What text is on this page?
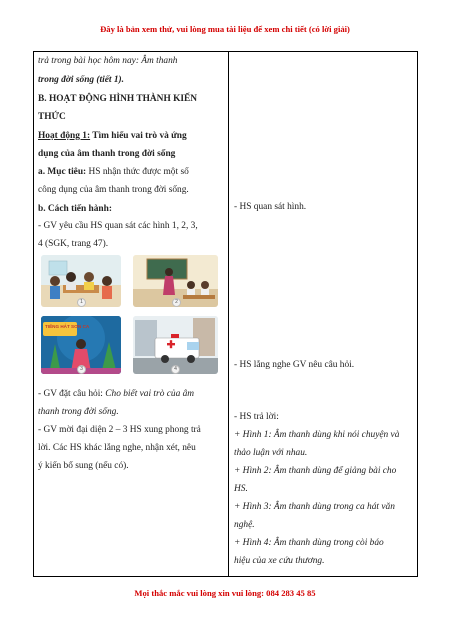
Đây là bản xem thử, vui lòng mua tài liệu để xem chi tiết (có lời giải)
trả trong bài học hôm nay: Âm thanh
trong đời sống (tiết 1).
B. HOẠT ĐỘNG HÌNH THÀNH KIẾN
THỨC
Hoạt động 1: Tìm hiểu vai trò và ứng
dụng của âm thanh trong đời sống
a. Mục tiêu: HS nhận thức được một số
công dụng của âm thanh trong đời sống.
b. Cách tiến hành:
- GV yêu cầu HS quan sát các hình 1, 2, 3,
4 (SGK, trang 47).
1	2
TIẾNG HÁT SƠN CA
3	4
- GV đặt câu hỏi: Cho biết vai trò của âm
thanh trong đời sống.
- GV mời đại diện 2 – 3 HS xung phong trả
lời. Các HS khác lắng nghe, nhận xét, nêu
ý kiến bổ sung (nếu có).

- HS quan sát hình.
- HS lắng nghe GV nêu câu hỏi.
- HS trả lời:
+ Hình 1: Âm thanh dùng khi nói chuyện và
thảo luận với nhau.
+ Hình 2: Âm thanh dùng để giảng bài cho
HS.
+ Hình 3: Âm thanh dùng trong ca hát văn
nghệ.
+ Hình 4: Âm thanh dùng trong còi báo
hiệu của xe cứu thương.
Mọi thắc mắc vui lòng xin vui lòng: 084 283 45 85
